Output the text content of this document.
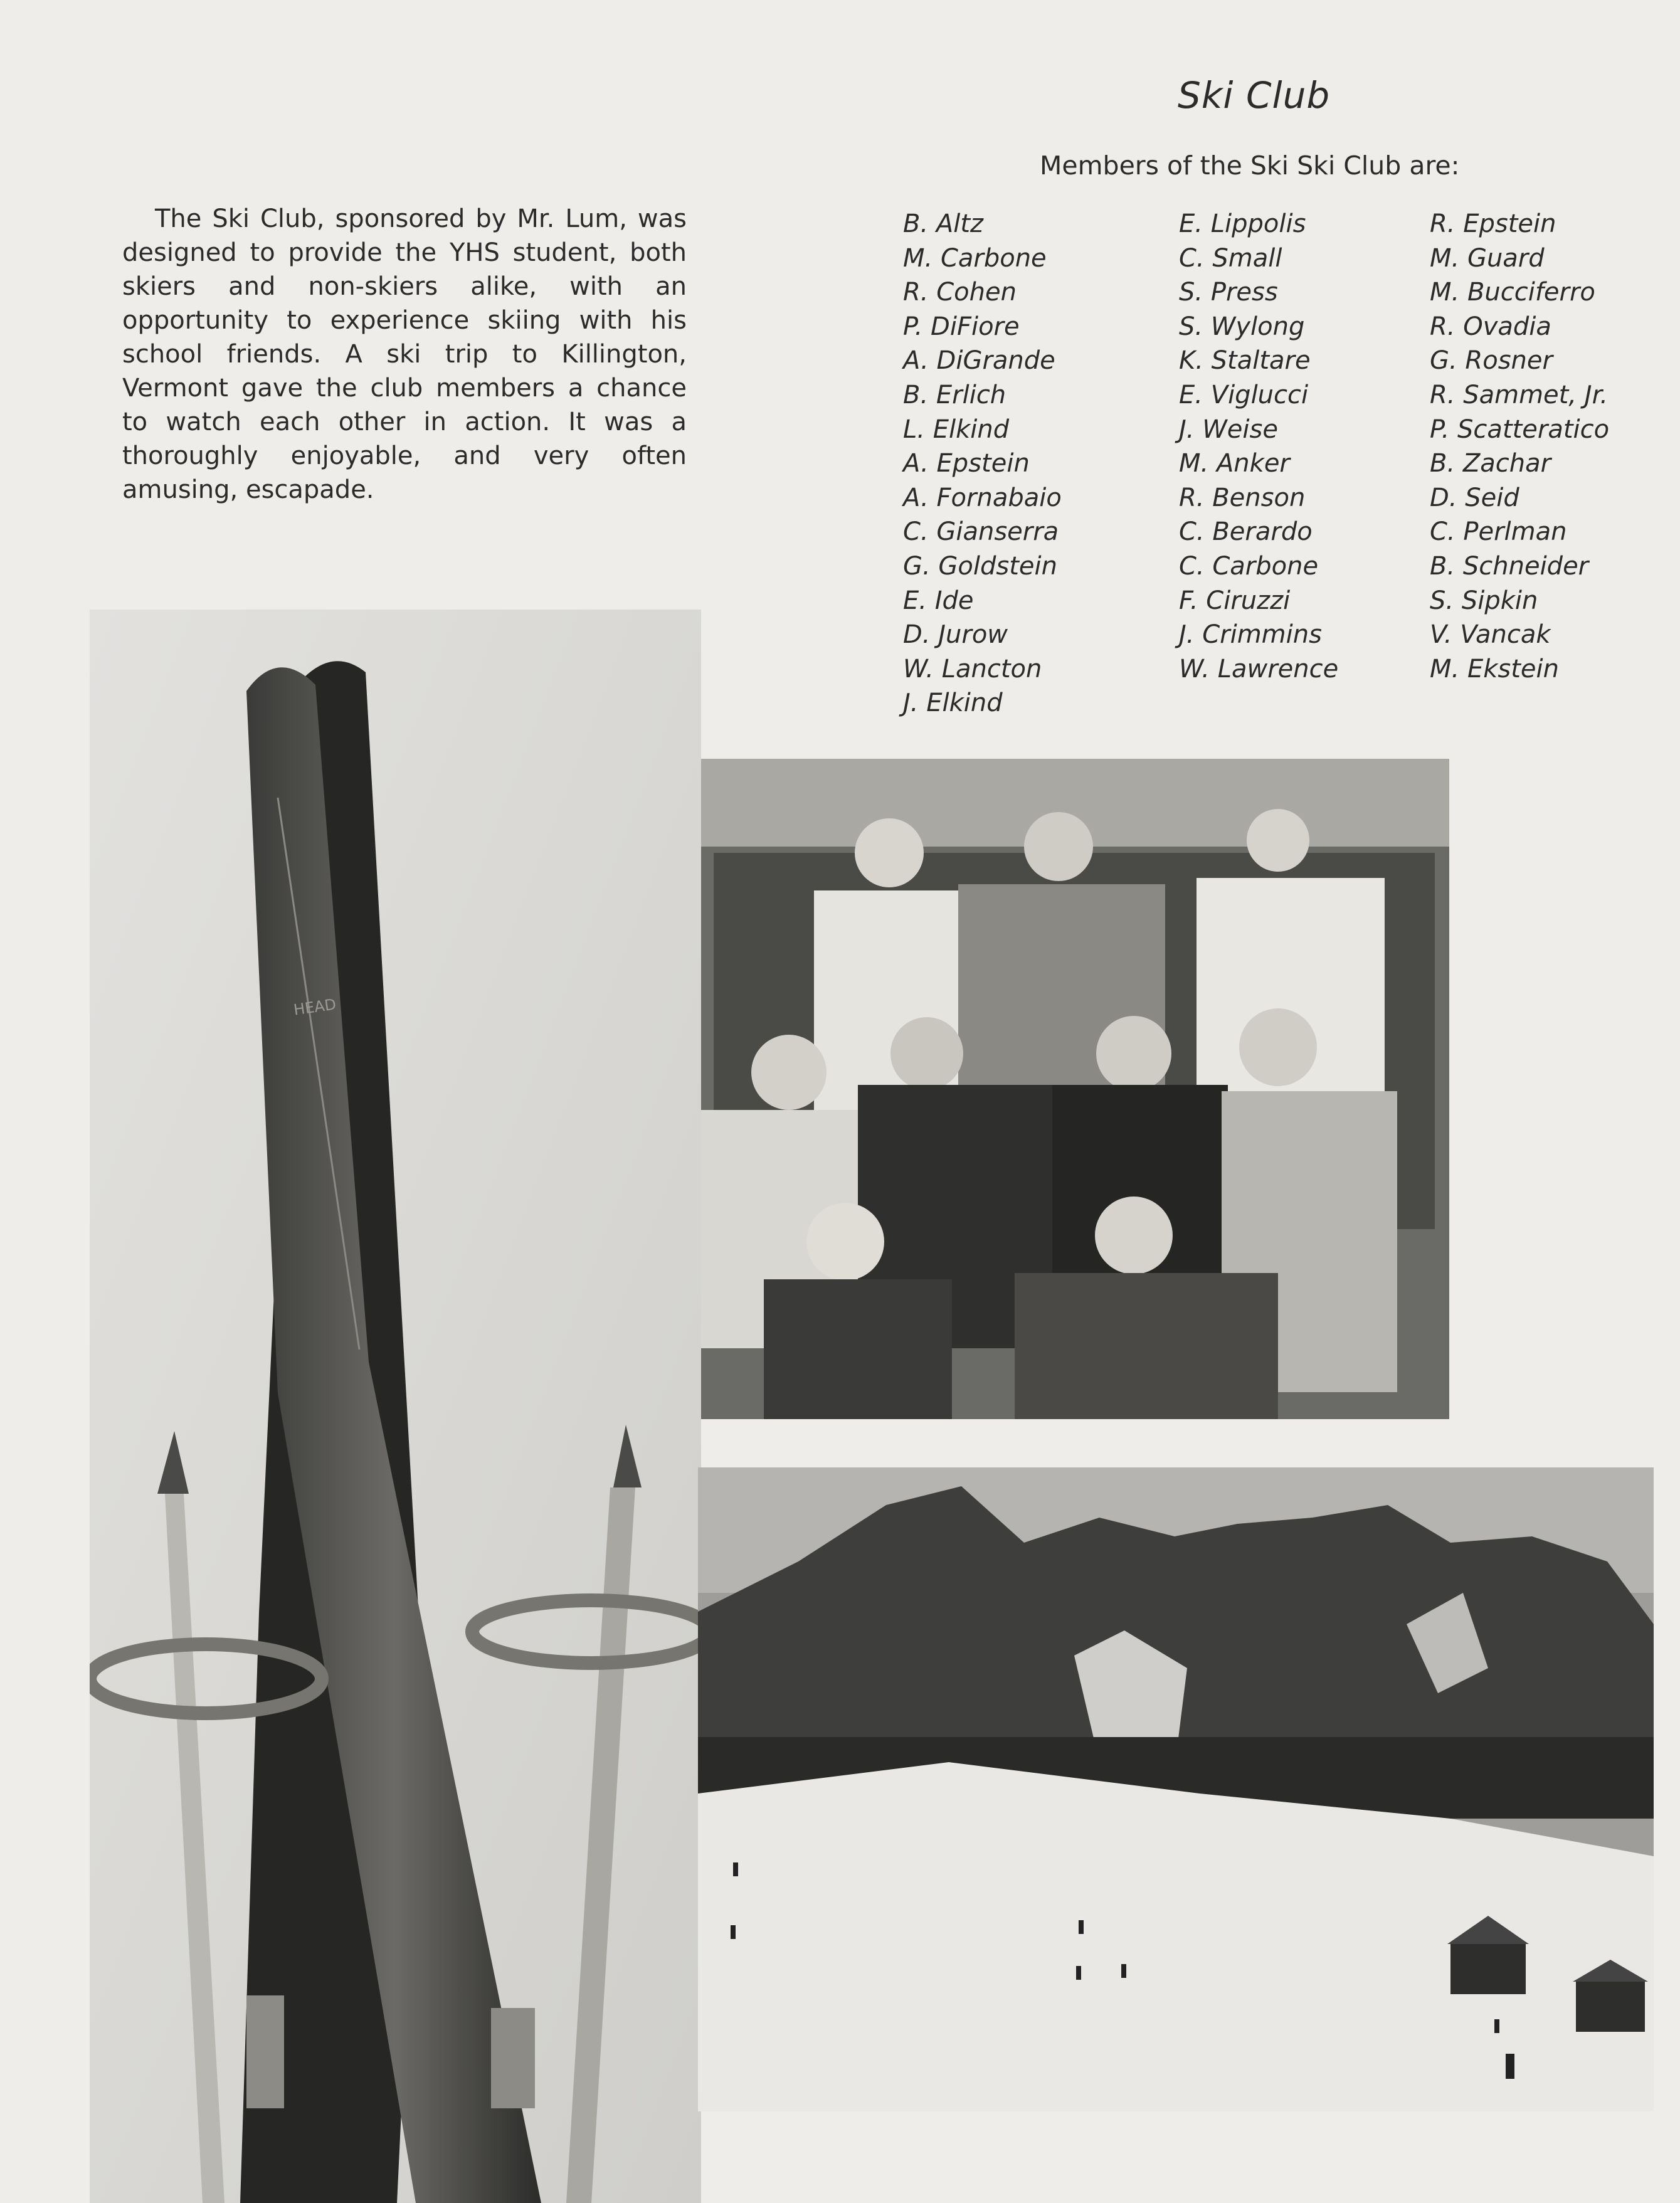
Ski Club
Members of the Ski Ski Club are:

The Ski Club, sponsored by Mr. Lum, was designed to provide the YHS student, both skiers and non-skiers alike, with an opportunity to experience skiing with his school friends. A ski trip to Killington, Vermont gave the club members a chance to watch each other in action. It was a thoroughly enjoyable, and very often amusing, escapade.

B. Altz
M. Carbone
R. Cohen
P. DiFiore
A. DiGrande
B. Erlich
L. Elkind
A. Epstein
A. Fornabaio
C. Gianserra
G. Goldstein
E. Ide
D. Jurow
W. Lancton
J. Elkind
E. Lippolis
C. Small
S. Press
S. Wylong
K. Staltare
E. Viglucci
J. Weise
M. Anker
R. Benson
C. Berardo
C. Carbone
F. Ciruzzi
J. Crimmins
W. Lawrence
R. Epstein
M. Guard
M. Bucciferro
R. Ovadia
G. Rosner
R. Sammet, Jr.
P. Scatteratico
B. Zachar
D. Seid
C. Perlman
B. Schneider
S. Sipkin
V. Vancak
M. Ekstein
HEAD
